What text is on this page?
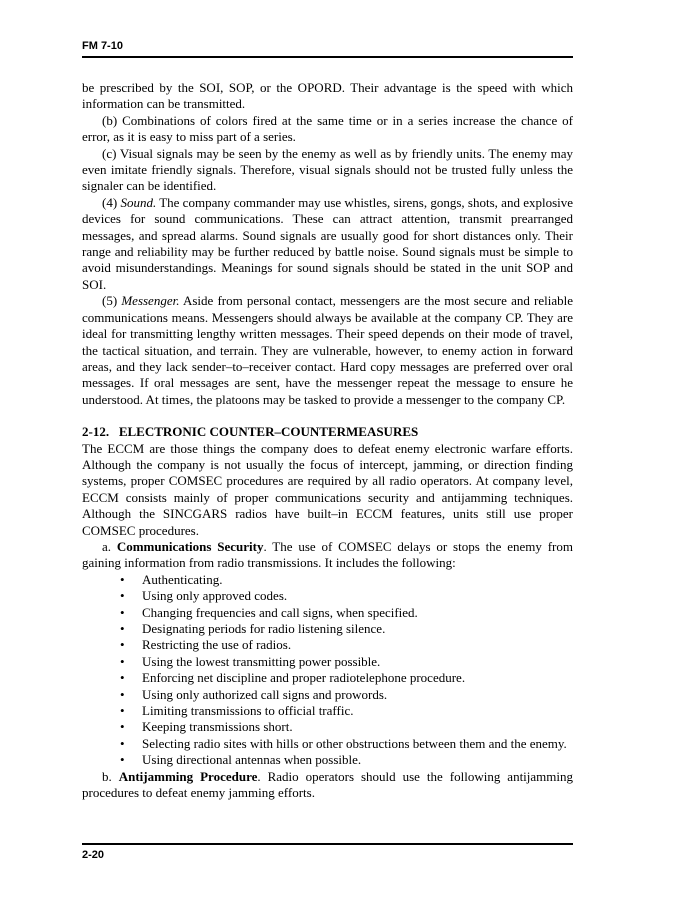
FM 7-10

be prescribed by the SOI, SOP, or the OPORD. Their advantage is the speed with which information can be transmitted.

(b) Combinations of colors fired at the same time or in a series increase the chance of error, as it is easy to miss part of a series.

(c) Visual signals may be seen by the enemy as well as by friendly units. The enemy may even imitate friendly signals. Therefore, visual signals should not be trusted fully unless the signaler can be identified.

(4) Sound. The company commander may use whistles, sirens, gongs, shots, and explosive devices for sound communications. These can attract attention, transmit prearranged messages, and spread alarms. Sound signals are usually good for short distances only. Their range and reliability may be further reduced by battle noise. Sound signals must be simple to avoid misunderstandings. Meanings for sound signals should be stated in the unit SOP and SOI.

(5) Messenger. Aside from personal contact, messengers are the most secure and reliable communications means. Messengers should always be available at the company CP. They are ideal for transmitting lengthy written messages. Their speed depends on their mode of travel, the tactical situation, and terrain. They are vulnerable, however, to enemy action in forward areas, and they lack sender–to–receiver contact. Hard copy messages are preferred over oral messages. If oral messages are sent, have the messenger repeat the message to ensure he understood. At times, the platoons may be tasked to provide a messenger to the company CP.

2-12.   ELECTRONIC COUNTER–COUNTERMEASURES

The ECCM are those things the company does to defeat enemy electronic warfare efforts. Although the company is not usually the focus of intercept, jamming, or direction finding systems, proper COMSEC procedures are required by all radio operators. At company level, ECCM consists mainly of proper communications security and antijamming techniques. Although the SINCGARS radios have built–in ECCM features, units still use proper COMSEC procedures.

a. Communications Security. The use of COMSEC delays or stops the enemy from gaining information from radio transmissions. It includes the following:

• Authenticating.
• Using only approved codes.
• Changing frequencies and call signs, when specified.
• Designating periods for radio listening silence.
• Restricting the use of radios.
• Using the lowest transmitting power possible.
• Enforcing net discipline and proper radiotelephone procedure.
• Using only authorized call signs and prowords.
• Limiting transmissions to official traffic.
• Keeping transmissions short.
• Selecting radio sites with hills or other obstructions between them and the enemy.
• Using directional antennas when possible.

b. Antijamming Procedure. Radio operators should use the following antijamming procedures to defeat enemy jamming efforts.

2-20
